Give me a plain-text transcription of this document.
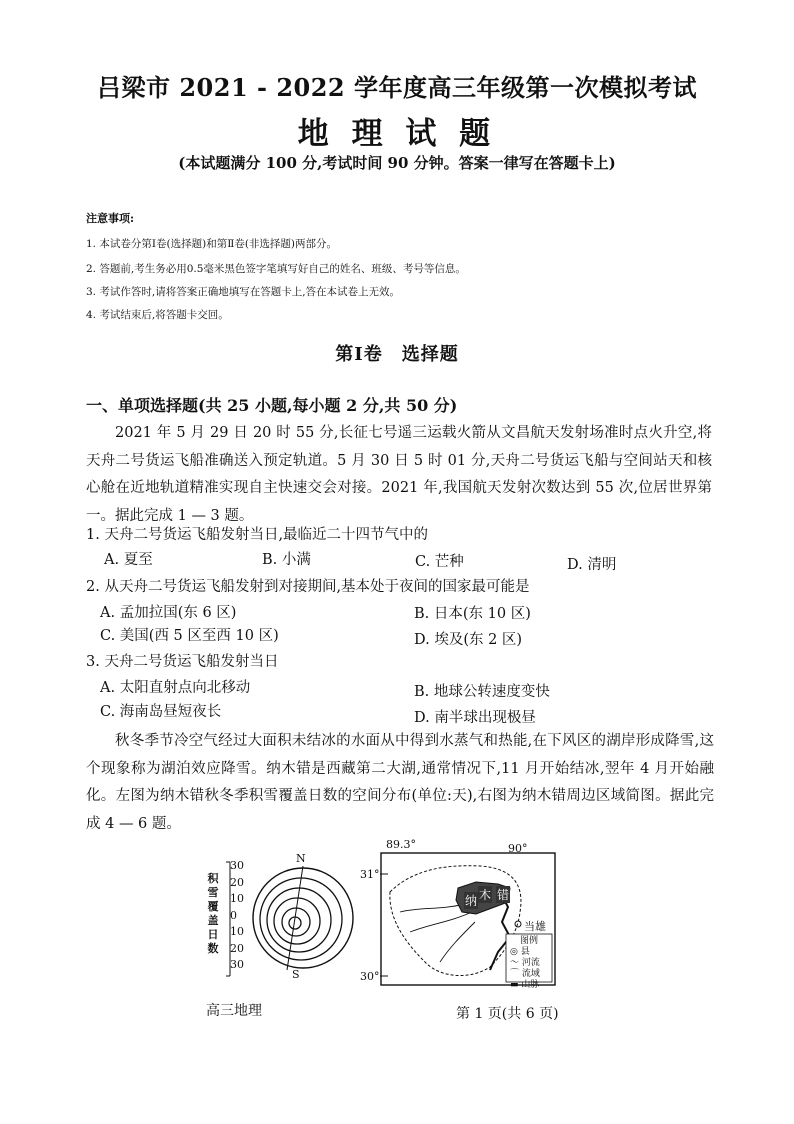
吕梁市 2021 - 2022 学年度高三年级第一次模拟考试
地 理 试 题
(本试题满分 100 分,考试时间 90 分钟。答案一律写在答题卡上)
注意事项:
1. 本试卷分第Ⅰ卷(选择题)和第Ⅱ卷(非选择题)两部分。
2. 答题前,考生务必用0.5毫米黑色签字笔填写好自己的姓名、班级、考号等信息。
3. 考试作答时,请将答案正确地填写在答题卡上,答在本试卷上无效。
4. 考试结束后,将答题卡交回。
第Ⅰ卷　选择题
一、单项选择题(共 25 小题,每小题 2 分,共 50 分)

2021 年 5 月 29 日 20 时 55 分,长征七号遥三运载火箭从文昌航天发射场准时点火升空,将天舟二号货运飞船准确送入预定轨道。5 月 30 日 5 时 01 分,天舟二号货运飞船与空间站天和核心舱在近地轨道精准实现自主快速交会对接。2021 年,我国航天发射次数达到 55 次,位居世界第一。据此完成 1 — 3 题。

1. 天舟二号货运飞船发射当日,最临近二十四节气中的
A. 夏至	B. 小满	C. 芒种	D. 清明
2. 从天舟二号货运飞船发射到对接期间,基本处于夜间的国家最可能是
A. 孟加拉国(东 6 区)	B. 日本(东 10 区)
C. 美国(西 5 区至西 10 区)	D. 埃及(东 2 区)
3. 天舟二号货运飞船发射当日
A. 太阳直射点向北移动	B. 地球公转速度变快
C. 海南岛昼短夜长	D. 南半球出现极昼

秋冬季节冷空气经过大面积未结冰的水面从中得到水蒸气和热能,在下风区的湖岸形成降雪,这个现象称为湖泊效应降雪。纳木错是西藏第二大湖,通常情况下,11 月开始结冰,翌年 4 月开始融化。左图为纳木错秋冬季积雪覆盖日数的空间分布(单位:天),右图为纳木错周边区域简图。据此完成 4 — 6 题。

积
雪
覆
盖
日
数
30
20
10
0
10
20
30
N
S
89.3°	90°
31°
30°
纳 木 错
当雄
图例
◎ 县
〜 河流
⌒ 流域
▬ 山脉
高三地理	第 1 页(共 6 页)
